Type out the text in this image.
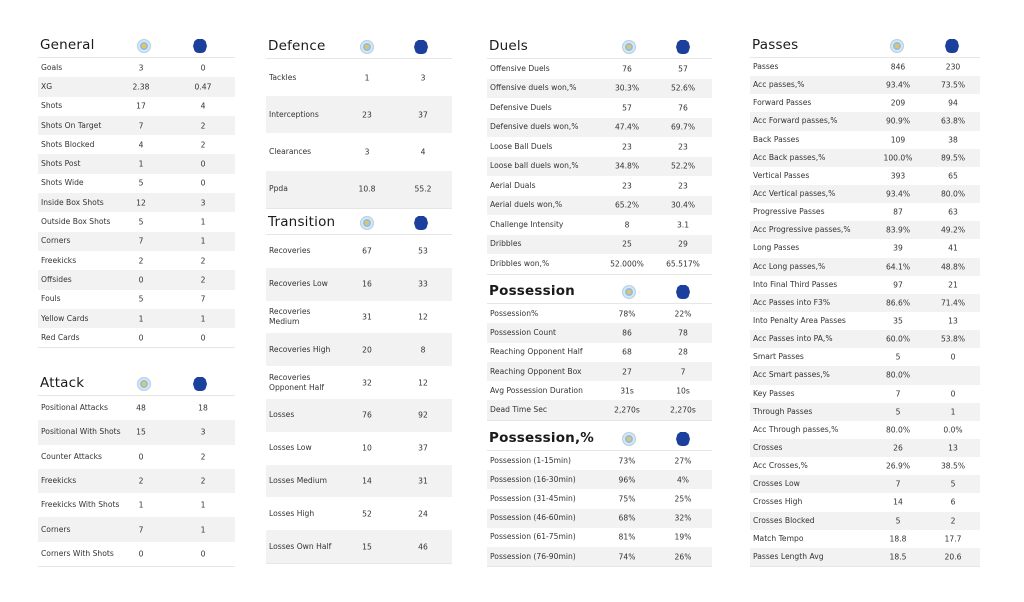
General
Goals	3	0
XG	2.38	0.47
Shots	17	4
Shots On Target	7	2
Shots Blocked	4	2
Shots Post	1	0
Shots Wide	5	0
Inside Box Shots	12	3
Outside Box Shots	5	1
Corners	7	1
Freekicks	2	2
Offsides	0	2
Fouls	5	7
Yellow Cards	1	1
Red Cards	0	0
Attack
Positional Attacks	48	18
Positional With Shots 15	3
Counter Attacks	0	2
Freekicks	2	2
Freekicks With Shots	1	1
Corners	7	1
Corners With Shots	0	0
Defence
Tackles	1	3
Interceptions	23	37
Clearances	3	4
Ppda	10.8	55.2
Transition
Recoveries	67	53
Recoveries Low	16	33
Recoveries Medium	31	12
Recoveries High	20	8
Recoveries Opponent Half	32	12
Losses	76	92
Losses Low	10	37
Losses Medium	14	31
Losses High	52	24
Losses Own Half	15	46
Duels
Offensive Duels	76	57
Offensive duels won,%	30.3%	52.6%
Defensive Duels	57	76
Defensive duels won,%	47.4%	69.7%
Loose Ball Duels	23	23
Loose ball duels won,%	34.8%	52.2%
Aerial Duals	23	23
Aerial duels won,%	65.2%	30.4%
Challenge Intensity	8	3.1
Dribbles	25	29
Dribbles won,%	52.000%	65.517%
Possession
Possession%	78%	22%
Possession Count	86	78
Reaching Opponent Half	68	28
Reaching Opponent Box	27	7
Avg Possession Duration	31s	10s
Dead Time Sec	2,270s	2,270s
Possession,%
Possession (1-15min)	73%	27%
Possession (16-30min)	96%	4%
Possession (31-45min)	75%	25%
Possession (46-60min)	68%	32%
Possession (61-75min)	81%	19%
Possession (76-90min)	74%	26%
Passes
Passes	846	230
Acc passes,%	93.4%	73.5%
Forward Passes	209	94
Acc Forward passes,%	90.9%	63.8%
Back Passes	109	38
Acc Back passes,%	100.0%	89.5%
Vertical Passes	393	65
Acc Vertical passes,%	93.4%	80.0%
Progressive Passes	87	63
Acc Progressive passes,%	83.9%	49.2%
Long Passes	39	41
Acc Long passes,%	64.1%	48.8%
Into Final Third Passes	97	21
Acc Passes into F3%	86.6%	71.4%
Into Penalty Area Passes	35	13
Acc Passes into PA,%	60.0%	53.8%
Smart Passes	5	0
Acc Smart passes,%	80.0%
Key Passes	7	0
Through Passes	5	1
Acc Through passes,%	80.0%	0.0%
Crosses	26	13
Acc Crosses,%	26.9%	38.5%
Crosses Low	7	5
Crosses High	14	6
Crosses Blocked	5	2
Match Tempo	18.8	17.7
Passes Length Avg	18.5	20.6
